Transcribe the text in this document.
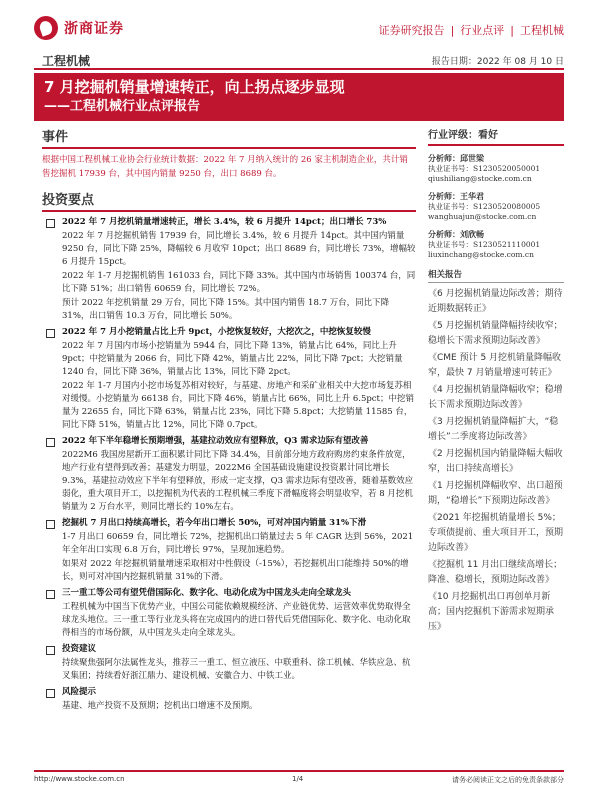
浙商证券	证券研究报告 | 行业点评 | 工程机械
工程机械	报告日期：2022 年 08 月 10 日
7 月挖掘机销量增速转正，向上拐点逐步显现
——工程机械行业点评报告
事件
根据中国工程机械工业协会行业统计数据：2022 年 7 月纳入统计的 26 家主机制造企业，共计销售挖掘机 17939 台，其中国内销量 9250 台，出口 8689 台。
投资要点
2022 年 7 月挖机销量增速转正，增长 3.4%，较 6 月提升 14pct；出口增长 73%

2022 年 7 月挖掘机销售 17939 台，同比增长 3.4%，较 6 月提升 14pct。其中国内销量 9250 台，同比下降 25%，降幅较 6 月收窄 10pct；出口 8689 台，同比增长 73%，增幅较 6 月提升 15pct。

2022 年 1-7 月挖掘机销售 161033 台，同比下降 33%。其中国内市场销售 100374 台，同比下降 51%；出口销售 60659 台，同比增长 72%。

预计 2022 年挖机销量 29 万台，同比下降 15%。其中国内销售 18.7 万台，同比下降 31%，出口销售 10.3 万台，同比增长 50%。

2022 年 7 月小挖销量占比上升 9pct，小挖恢复较好，大挖次之，中挖恢复较慢

2022 年 7 月国内市场小挖销量为 5944 台，同比下降 13%，销量占比 64%，同比上升 9pct；中挖销量为 2066 台，同比下降 42%，销量占比 22%，同比下降 7pct；大挖销量 1240 台，同比下降 36%，销量占比 13%，同比下降 2pct。

2022 年 1-7 月国内小挖市场复苏相对较好，与基建、房地产和采矿业相关中大挖市场复苏相对缓慢。小挖销量为 66138 台，同比下降 46%，销量占比 66%，同比上升 6.5pct；中挖销量为 22655 台，同比下降 63%，销量占比 23%，同比下降 5.8pct；大挖销量 11585 台，同比下降 51%，销量占比 12%，同比下降 0.7pct。

2022 年下半年稳增长预期增强，基建拉动效应有望释放，Q3 需求边际有望改善

2022M6 我国房屋新开工面积累计同比下降 34.4%，目前部分地方政府购房约束条件放宽，地产行业有望得到改善；基建发力明显，2022M6 全国基础设施建设投资累计同比增长 9.3%，基建拉动效应下半年有望释放，形成一定支撑，Q3 需求边际有望改善，随着基数效应弱化，重大项目开工，以挖掘机为代表的工程机械三季度下滑幅度将会明显收窄，若 8 月挖机销量为 2 万台水平，则同比增长约 10%左右。

挖掘机 7 月出口持续高增长，若今年出口增长 50%，可对冲国内销量 31%下滑

1-7 月出口 60659 台，同比增长 72%，挖掘机出口销量过去 5 年 CAGR 达到 56%，2021 年全年出口实现 6.8 万台，同比增长 97%，呈现加速趋势。

如果对 2022 年挖掘机销量增速采取相对中性假设（-15%），若挖掘机出口能维持 50%的增长，则可对冲国内挖掘机销量 31%的下滑。

三一重工等公司有望凭借国际化、数字化、电动化成为中国龙头走向全球龙头

工程机械为中国当下优势产业，中国公司能依赖规模经济、产业链优势、运营效率优势取得全球龙头地位。三一重工等行业龙头将在完成国内的进口替代后凭借国际化、数字化、电动化取得相当的市场份额，从中国龙头走向全球龙头。

投资建议

持续聚焦强阿尔法属性龙头，推荐三一重工、恒立液压、中联重科、徐工机械、华铁应急、杭叉集团；持续看好浙江鼎力、建设机械、安徽合力、中铁工业。

风险提示

基建、地产投资不及预期；挖机出口增速不及预期。

行业评级：看好
分析师：邱世梁
执业证书号：S1230520050001
qiushiliang@stocke.com.cn
分析师：王华君
执业证书号：S1230520080005
wanghuajun@stocke.com.cn
分析师：刘欣畅
执业证书号：S1230521110001
liuxinchang@stocke.com.cn
相关报告
《6 月挖掘机销量边际改善；期待近期数据转正》
《5 月挖掘机销量降幅持续收窄；稳增长下需求预期边际改善》
《CME 预计 5 月挖机销量降幅收窄，最快 7 月销量增速可转正》
《4 月挖掘机销量降幅收窄；稳增长下需求预期边际改善》
《3 月挖掘机销量降幅扩大，“稳增长”二季度将边际改善》
《2 月挖掘机国内销量降幅大幅收窄，出口持续高增长》
《1 月挖掘机降幅收窄、出口超预期，“稳增长”下预期边际改善》
《2021 年挖掘机销量增长 5%；专项债提前、重大项目开工，预期边际改善》
《挖掘机 11 月出口继续高增长；降准、稳增长，预期边际改善》
《10 月挖掘机出口再创单月新高；国内挖掘机下游需求短期承压》
http://www.stocke.com.cn	1/4	请务必阅读正文之后的免责条款部分
